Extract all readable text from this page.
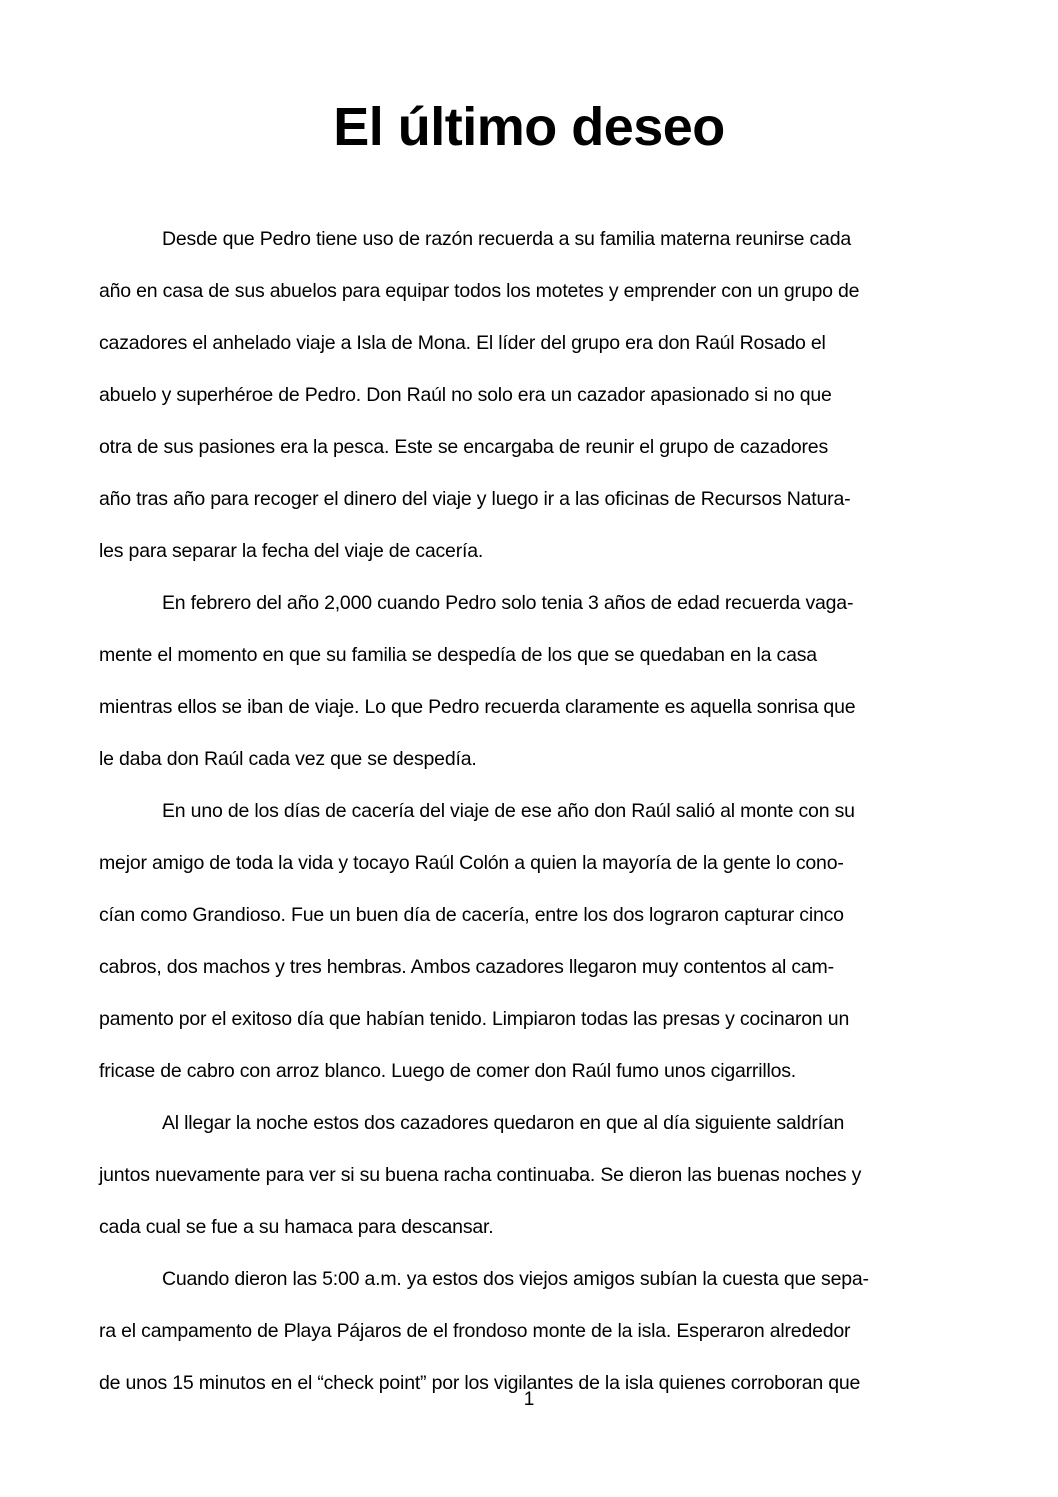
El último deseo

Desde que Pedro tiene uso de razón recuerda a su familia materna reunirse cada
año en casa de sus abuelos para equipar todos los motetes y emprender con un grupo de
cazadores el anhelado viaje a Isla de Mona. El líder del grupo era don Raúl Rosado el
abuelo y superhéroe de Pedro. Don Raúl no solo era un cazador apasionado si no que
otra de sus pasiones era la pesca. Este se encargaba de reunir el grupo de cazadores
año tras año para recoger el dinero del viaje y luego ir a las oficinas de Recursos Natura-
les para separar la fecha del viaje de cacería.

En febrero del año 2,000 cuando Pedro solo tenia 3 años de edad recuerda vaga-
mente el momento en que su familia se despedía de los que se quedaban en la casa
mientras ellos se iban de viaje. Lo que Pedro recuerda claramente es aquella sonrisa que
le daba don Raúl cada vez que se despedía.

En uno de los días de cacería del viaje de ese año don Raúl salió al monte con su
mejor amigo de toda la vida y tocayo Raúl Colón a quien la mayoría de la gente lo cono-
cían como Grandioso. Fue un buen día de cacería, entre los dos lograron capturar cinco
cabros, dos machos y tres hembras. Ambos cazadores llegaron muy contentos al cam-
pamento por el exitoso día que habían tenido. Limpiaron todas las presas y cocinaron un
fricase de cabro con arroz blanco. Luego de comer don Raúl fumo unos cigarrillos.

Al llegar la noche estos dos cazadores quedaron en que al día siguiente saldrían
juntos nuevamente para ver si su buena racha continuaba. Se dieron las buenas noches y
cada cual se fue a su hamaca para descansar.

Cuando dieron las 5:00 a.m. ya estos dos viejos amigos subían la cuesta que sepa-
ra el campamento de Playa Pájaros de el frondoso monte de la isla. Esperaron alrededor
de unos 15 minutos en el “check point” por los vigilantes de la isla quienes corroboran que

1
